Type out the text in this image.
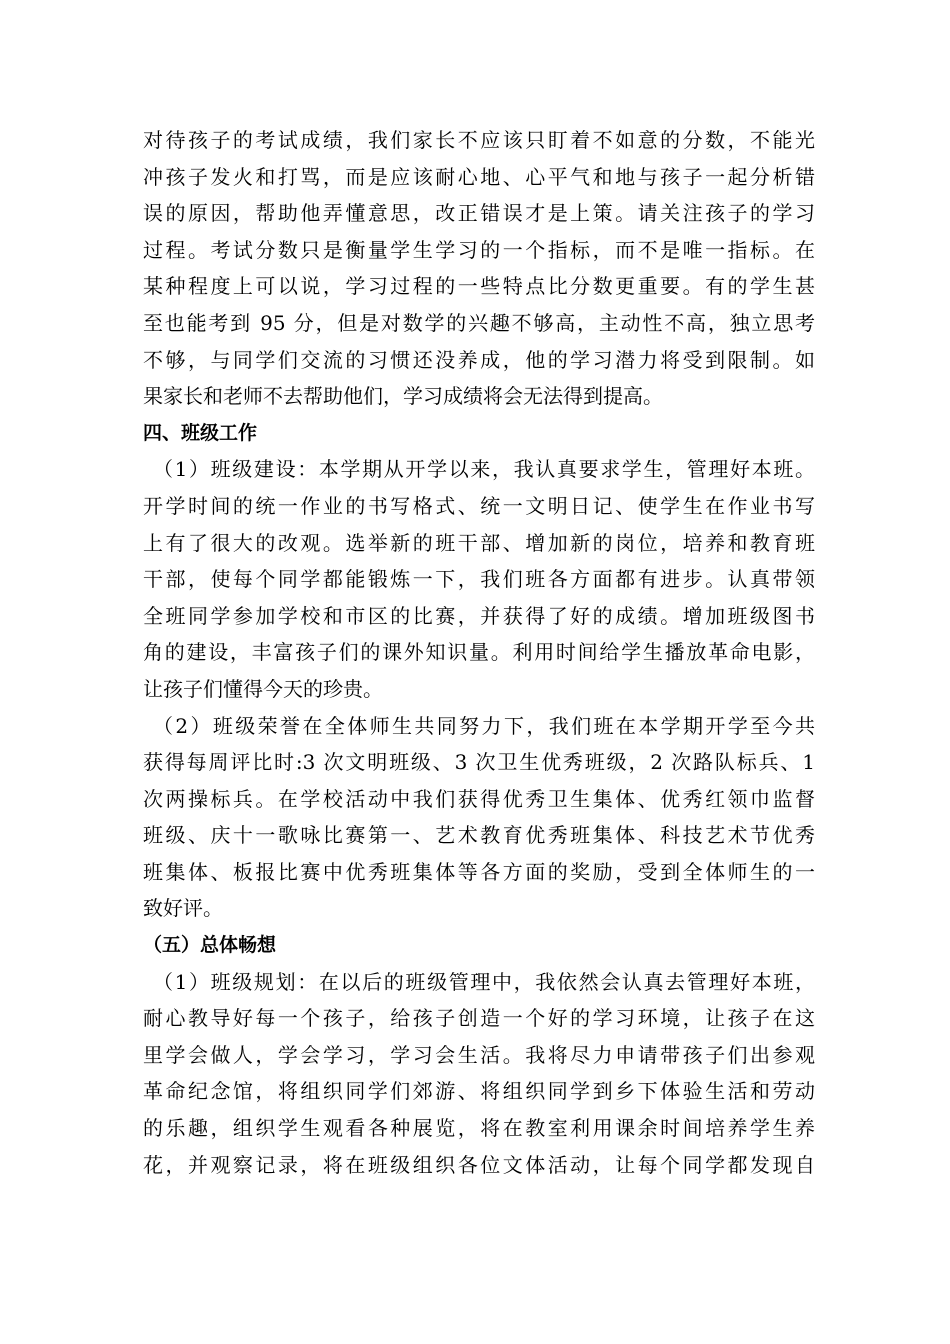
对待孩子的考试成绩，我们家长不应该只盯着不如意的分数，不能光
冲孩子发火和打骂，而是应该耐心地、心平气和地与孩子一起分析错
误的原因，帮助他弄懂意思，改正错误才是上策。请关注孩子的学习
过程。考试分数只是衡量学生学习的一个指标，而不是唯一指标。在
某种程度上可以说，学习过程的一些特点比分数更重要。有的学生甚
至也能考到 95 分，但是对数学的兴趣不够高，主动性不高，独立思考
不够，与同学们交流的习惯还没养成，他的学习潜力将受到限制。如
果家长和老师不去帮助他们，学习成绩将会无法得到提高。
四、班级工作
（1）班级建设：本学期从开学以来，我认真要求学生，管理好本班。
开学时间的统一作业的书写格式、统一文明日记、使学生在作业书写
上有了很大的改观。选举新的班干部、增加新的岗位，培养和教育班
干部，使每个同学都能锻炼一下，我们班各方面都有进步。认真带领
全班同学参加学校和市区的比赛，并获得了好的成绩。增加班级图书
角的建设，丰富孩子们的课外知识量。利用时间给学生播放革命电影，
让孩子们懂得今天的珍贵。
（2）班级荣誉在全体师生共同努力下，我们班在本学期开学至今共
获得每周评比时:3 次文明班级、3 次卫生优秀班级，2 次路队标兵、1
次两操标兵。在学校活动中我们获得优秀卫生集体、优秀红领巾监督
班级、庆十一歌咏比赛第一、艺术教育优秀班集体、科技艺术节优秀
班集体、板报比赛中优秀班集体等各方面的奖励，受到全体师生的一
致好评。
（五）总体畅想
（1）班级规划：在以后的班级管理中，我依然会认真去管理好本班，
耐心教导好每一个孩子，给孩子创造一个好的学习环境，让孩子在这
里学会做人，学会学习，学习会生活。我将尽力申请带孩子们出参观
革命纪念馆，将组织同学们郊游、将组织同学到乡下体验生活和劳动
的乐趣，组织学生观看各种展览，将在教室利用课余时间培养学生养
花，并观察记录，将在班级组织各位文体活动，让每个同学都发现自
